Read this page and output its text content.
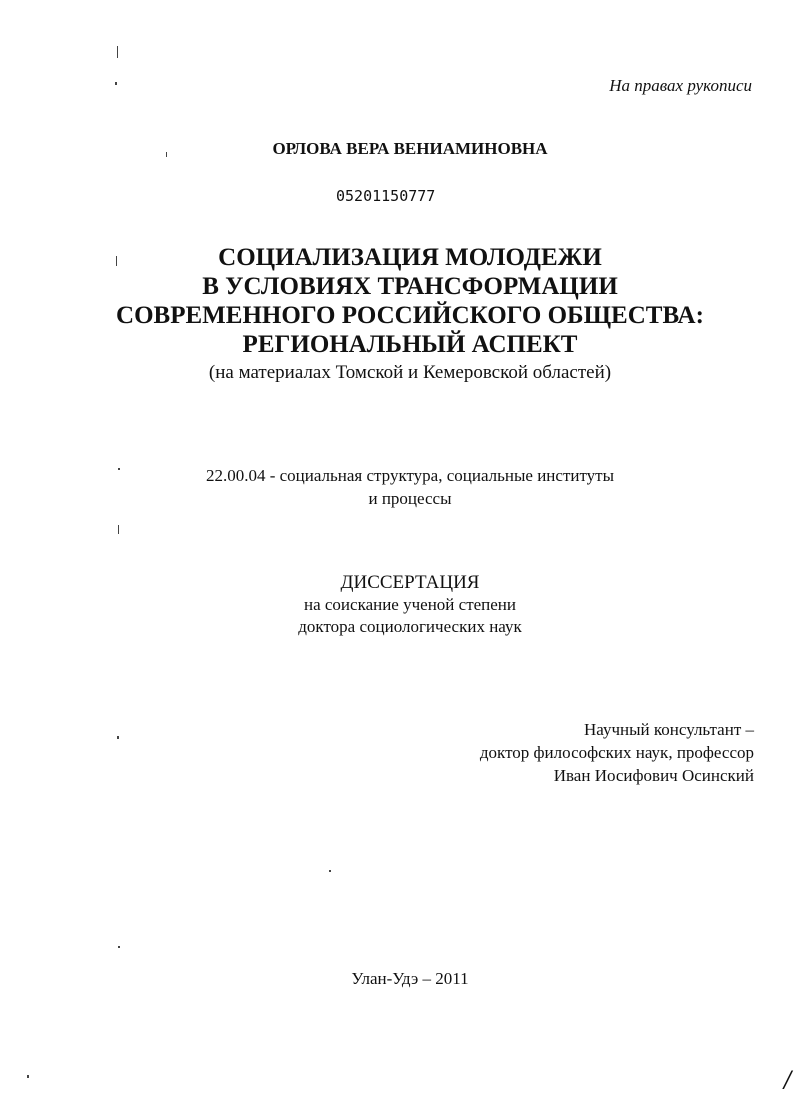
На правах рукописи
ОРЛОВА ВЕРА ВЕНИАМИНОВНА
05201150777
СОЦИАЛИЗАЦИЯ МОЛОДЕЖИ
В УСЛОВИЯХ ТРАНСФОРМАЦИИ
СОВРЕМЕННОГО РОССИЙСКОГО ОБЩЕСТВА:
РЕГИОНАЛЬНЫЙ АСПЕКТ
(на материалах Томской и Кемеровской областей)
22.00.04 - социальная структура, социальные институты
и процессы
ДИССЕРТАЦИЯ
на соискание ученой степени
доктора социологических наук
Научный консультант –
доктор философских наук, профессор
Иван Иосифович Осинский
Улан-Удэ – 2011
/
